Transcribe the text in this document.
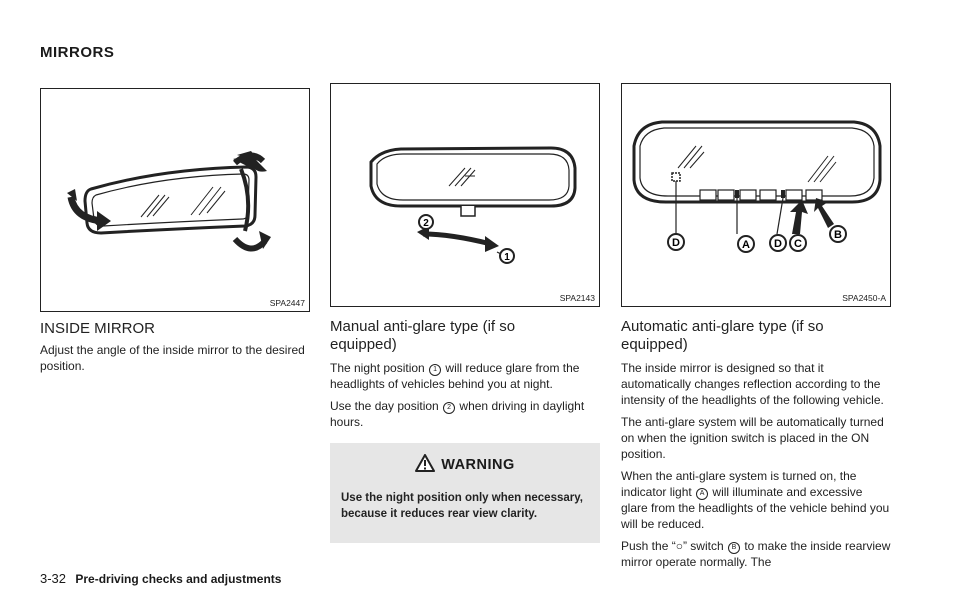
MIRRORS
SPA2447
2
1
SPA2143
D	A D C
B
SPA2450-A
INSIDE MIRROR

Adjust the angle of the inside mirror to the desired position.

Manual anti-glare type (if so
equipped)

The night position 1 will reduce glare from the headlights of vehicles behind you at night.

Use the day position 2 when driving in daylight hours.

WARNING
Use the night position only when necessary, because it reduces rear view clarity.
Automatic anti-glare type (if so
equipped)

The inside mirror is designed so that it automatically changes reflection according to the intensity of the headlights of the following vehicle.

The anti-glare system will be automatically turned on when the ignition switch is placed in the ON position.

When the anti-glare system is turned on, the indicator light A will illuminate and excessive glare from the headlights of the vehicle behind you will be reduced.

Push the “○” switch B to make the inside rearview mirror operate normally. The

3-32 Pre-driving checks and adjustments
